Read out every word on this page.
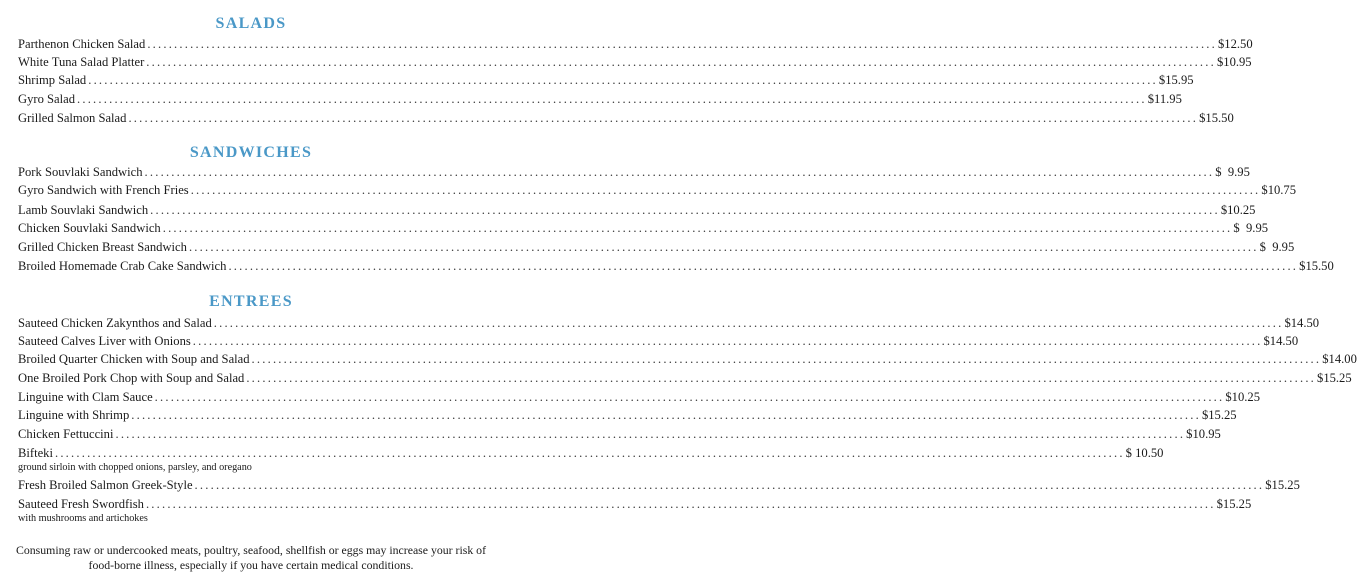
SALADS
Parthenon Chicken Salad ........................................................................................................................................................................................................ $12.50
White Tuna Salad Platter ........................................................................................................................................................................................................ $10.95
Shrimp Salad ........................................................................................................................................................................................................ $15.95
Gyro Salad ........................................................................................................................................................................................................ $11.95
Grilled Salmon Salad ........................................................................................................................................................................................................ $15.50
SANDWICHES
Pork Souvlaki Sandwich ........................................................................................................................................................................................................ $  9.95
Gyro Sandwich with French Fries ........................................................................................................................................................................................................ $10.75
Lamb Souvlaki Sandwich ........................................................................................................................................................................................................ $10.25
Chicken Souvlaki Sandwich ........................................................................................................................................................................................................ $  9.95
Grilled Chicken Breast Sandwich ........................................................................................................................................................................................................ $  9.95
Broiled Homemade Crab Cake Sandwich ........................................................................................................................................................................................................ $15.50
ENTREES
Sauteed Chicken Zakynthos and Salad ........................................................................................................................................................................................................ $14.50
Sauteed Calves Liver with Onions ........................................................................................................................................................................................................ $14.50
Broiled Quarter Chicken with Soup and Salad ........................................................................................................................................................................................................ $14.00
One Broiled Pork Chop with Soup and Salad ........................................................................................................................................................................................................ $15.25
Linguine with Clam Sauce ........................................................................................................................................................................................................ $10.25
Linguine with Shrimp ........................................................................................................................................................................................................ $15.25
Chicken Fettuccini ........................................................................................................................................................................................................ $10.95
Bifteki ........................................................................................................................................................................................................ $ 10.50
ground sirloin with chopped onions, parsley, and oregano
Fresh Broiled Salmon Greek-Style ........................................................................................................................................................................................................ $15.25
Sauteed Fresh Swordfish ........................................................................................................................................................................................................ $15.25
with mushrooms and artichokes
Consuming raw or undercooked meats, poultry, seafood, shellfish or eggs may increase your risk of
food-borne illness, especially if you have certain medical conditions.
